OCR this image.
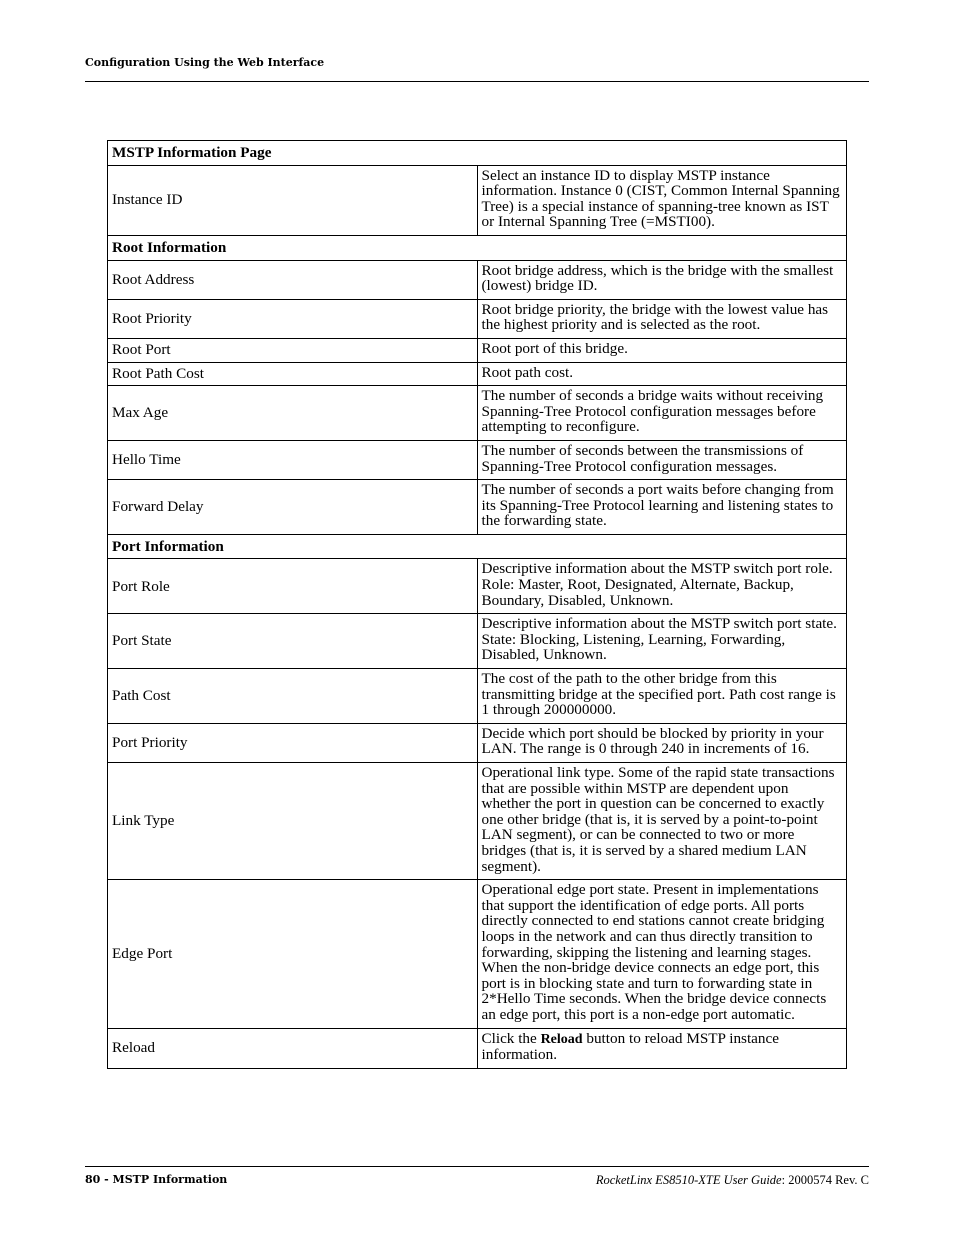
Configuration Using the Web Interface
MSTP Information Page	
Instance ID	Select an instance ID to display MSTP instance information. Instance 0 (CIST, Common Internal Spanning Tree) is a special instance of spanning-tree known as IST or Internal Spanning Tree (=MSTI00).
Root Information	
Root Address	Root bridge address, which is the bridge with the smallest (lowest) bridge ID.
Root Priority	Root bridge priority, the bridge with the lowest value has the highest priority and is selected as the root.
Root Port	Root port of this bridge.
Root Path Cost	Root path cost.
Max Age	The number of seconds a bridge waits without receiving Spanning-Tree Protocol configuration messages before attempting to reconfigure.
Hello Time	The number of seconds between the transmissions of Spanning-Tree Protocol configuration messages.
Forward Delay	The number of seconds a port waits before changing from its Spanning-Tree Protocol learning and listening states to the forwarding state.
Port Information	
Port Role	Descriptive information about the MSTP switch port role. Role: Master, Root, Designated, Alternate, Backup, Boundary, Disabled, Unknown.
Port State	Descriptive information about the MSTP switch port state. State: Blocking, Listening, Learning, Forwarding, Disabled, Unknown.
Path Cost	The cost of the path to the other bridge from this transmitting bridge at the specified port. Path cost range is 1 through 200000000.
Port Priority	Decide which port should be blocked by priority in your LAN. The range is 0 through 240 in increments of 16.
Link Type	Operational link type. Some of the rapid state transactions that are possible within MSTP are dependent upon whether the port in question can be concerned to exactly one other bridge (that is, it is served by a point-to-point LAN segment), or can be connected to two or more bridges (that is, it is served by a shared medium LAN segment).
Edge Port	Operational edge port state. Present in implementations that support the identification of edge ports. All ports directly connected to end stations cannot create bridging loops in the network and can thus directly transition to forwarding, skipping the listening and learning stages. When the non-bridge device connects an edge port, this port is in blocking state and turn to forwarding state in 2*Hello Time seconds. When the bridge device connects an edge port, this port is a non-edge port automatic.
Reload	Click the Reload button to reload MSTP instance information.
80 - MSTP Information	RocketLinx ES8510-XTE User Guide: 2000574 Rev. C
